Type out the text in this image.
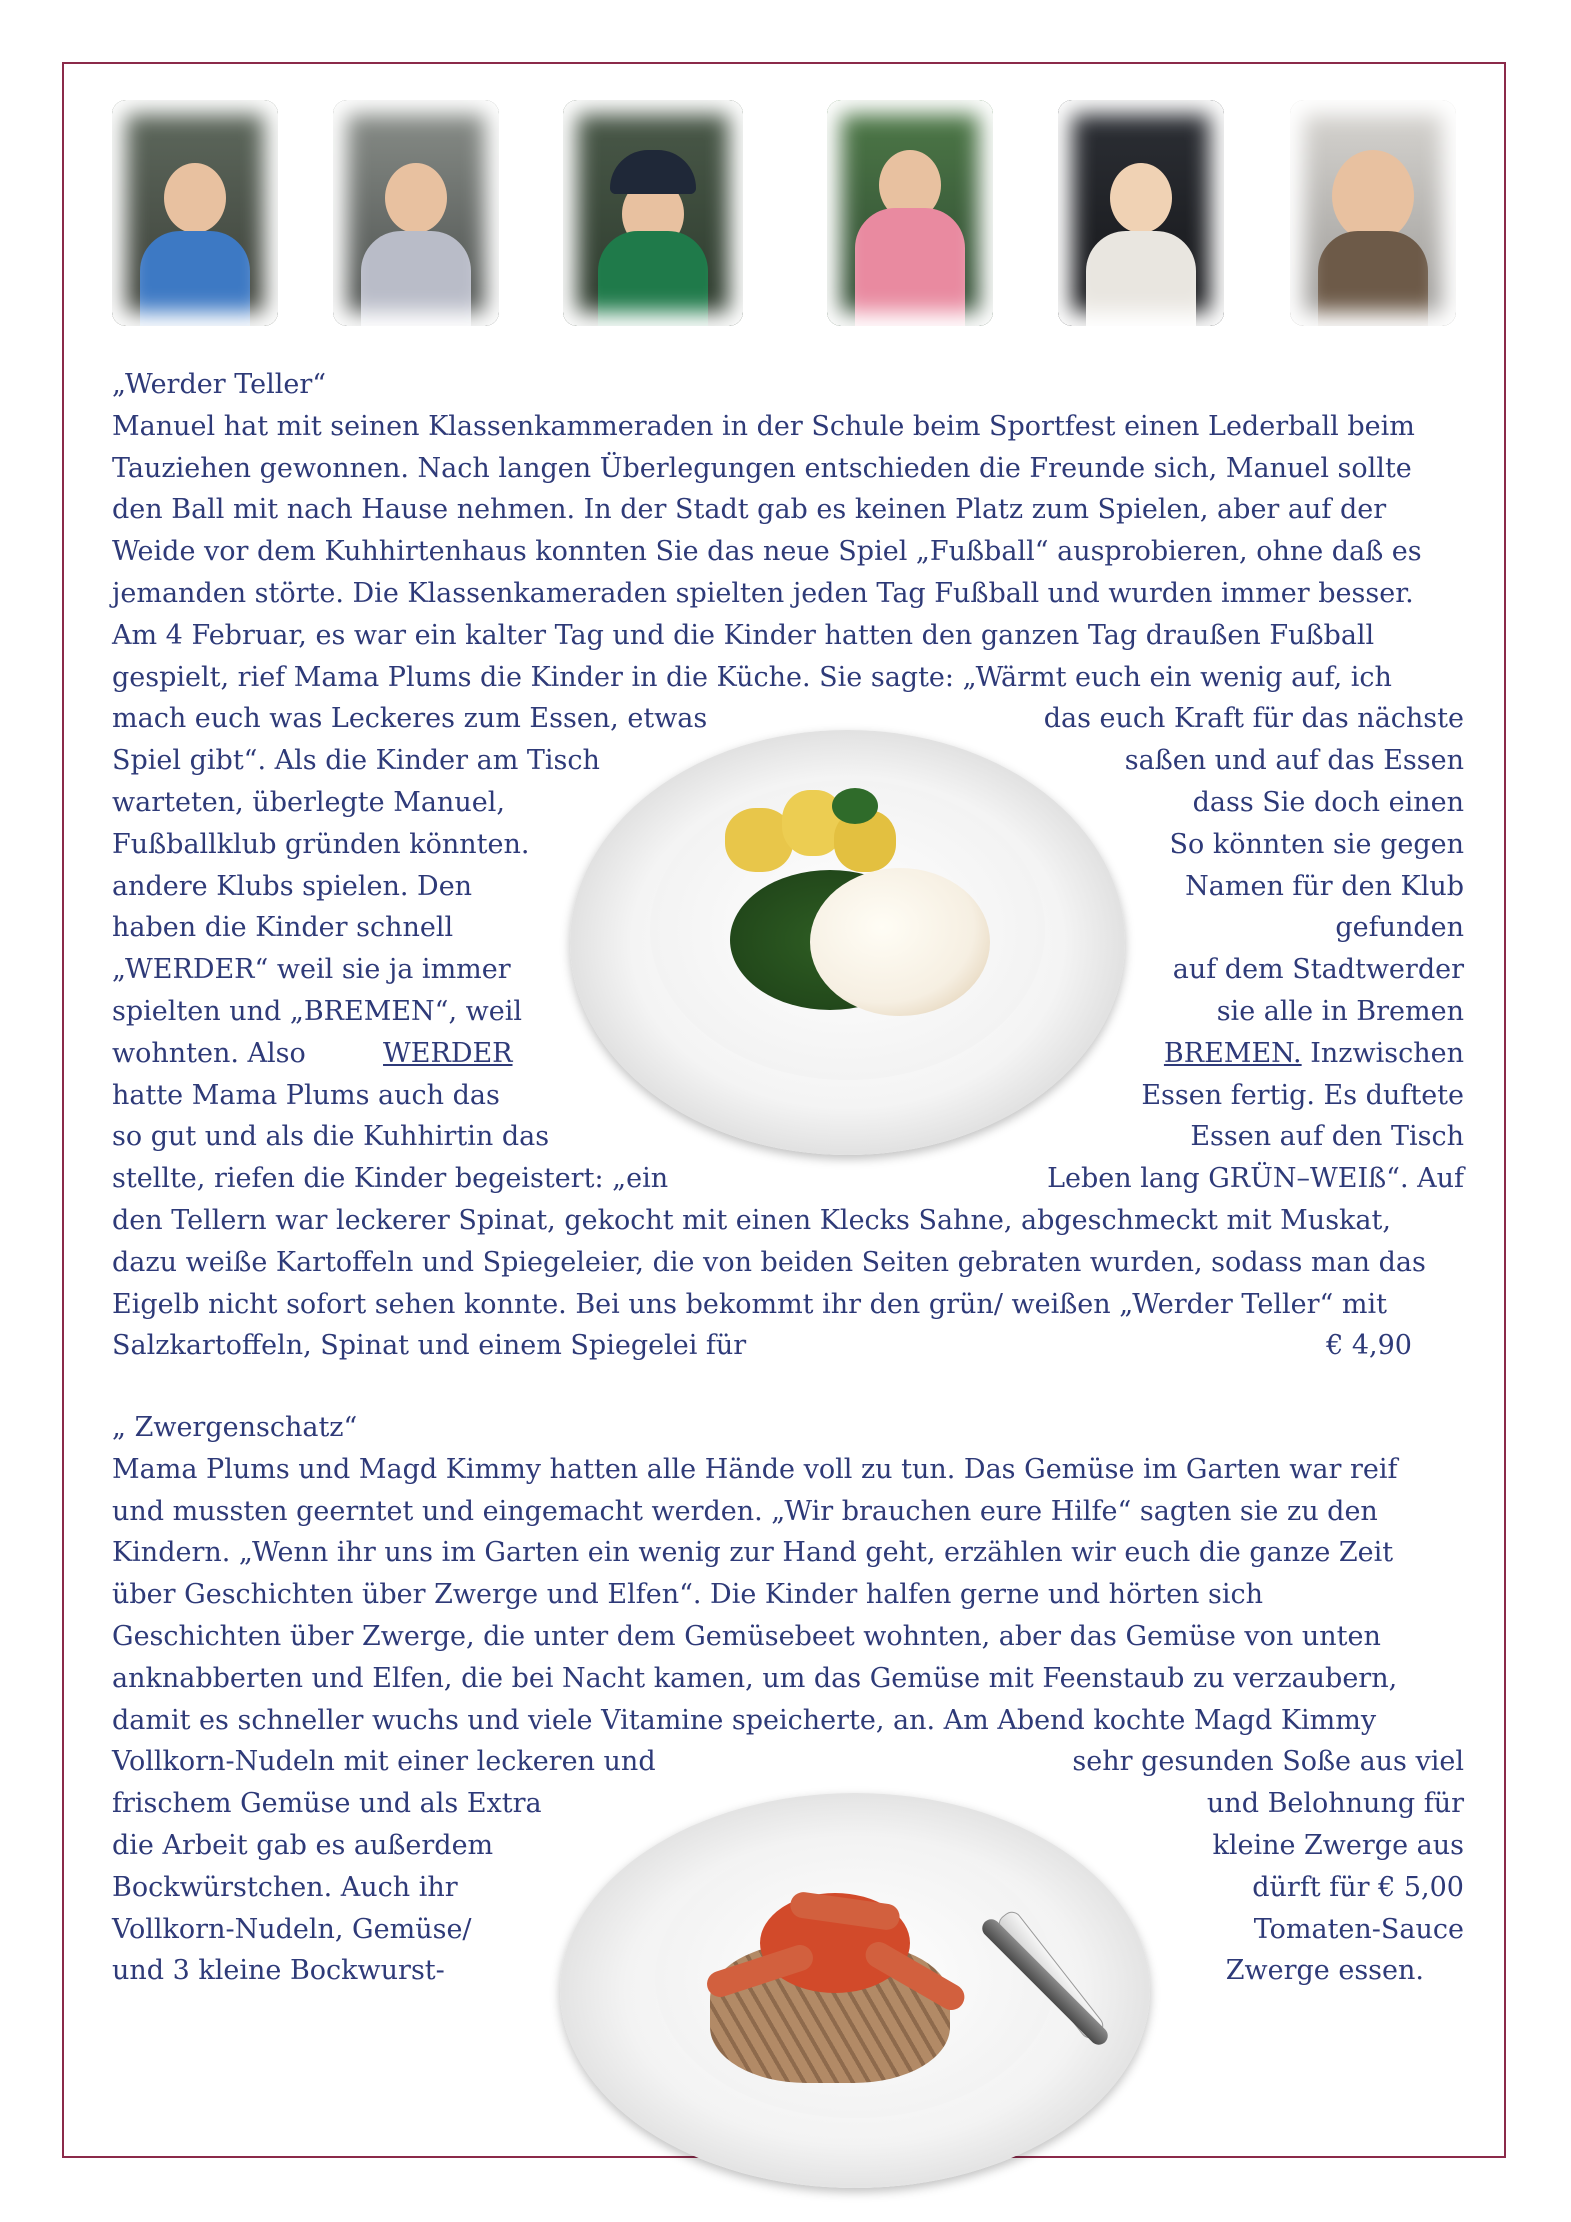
„Werder Teller“
Manuel hat mit seinen Klassenkammeraden in der Schule beim Sportfest einen Lederball beim
Tauziehen gewonnen. Nach langen Überlegungen entschieden die Freunde sich, Manuel sollte
den Ball mit nach Hause nehmen. In der Stadt gab es keinen Platz zum Spielen, aber auf der
Weide vor dem Kuhhirtenhaus konnten Sie das neue Spiel „Fußball“ ausprobieren, ohne daß es
jemanden störte. Die Klassenkameraden spielten jeden Tag Fußball und wurden immer besser.
Am 4 Februar, es war ein kalter Tag und die Kinder hatten den ganzen Tag draußen Fußball
gespielt, rief Mama Plums die Kinder in die Küche. Sie sagte: „Wärmt euch ein wenig auf, ich
mach euch was Leckeres zum Essen, etwas	das euch Kraft für das nächste
Spiel gibt“. Als die Kinder am Tisch	saßen und auf das Essen
warteten, überlegte Manuel,	dass Sie doch einen
Fußballklub gründen könnten.	So könnten sie gegen
andere Klubs spielen. Den	Namen für den Klub
haben die Kinder schnell	gefunden
„WERDER“ weil sie ja immer	auf dem Stadtwerder
spielten und „BREMEN“, weil	sie alle in Bremen
wohnten. Also	WERDER	BREMEN. Inzwischen
hatte Mama Plums auch das	Essen fertig. Es duftete
so gut und als die Kuhhirtin das	Essen auf den Tisch
stellte, riefen die Kinder begeistert: „ein	Leben lang GRÜN–WEIß“. Auf
den Tellern war leckerer Spinat, gekocht mit einen Klecks Sahne, abgeschmeckt mit Muskat,
dazu weiße Kartoffeln und Spiegeleier, die von beiden Seiten gebraten wurden, sodass man das
Eigelb nicht sofort sehen konnte. Bei uns bekommt ihr den grün/ weißen „Werder Teller“ mit
Salzkartoffeln, Spinat und einem Spiegelei für	€ 4,90
„ Zwergenschatz“
Mama Plums und Magd Kimmy hatten alle Hände voll zu tun. Das Gemüse im Garten war reif
und mussten geerntet und eingemacht werden. „Wir brauchen eure Hilfe“ sagten sie zu den
Kindern. „Wenn ihr uns im Garten ein wenig zur Hand geht, erzählen wir euch die ganze Zeit
über Geschichten über Zwerge und Elfen“. Die Kinder halfen gerne und hörten sich
Geschichten über Zwerge, die unter dem Gemüsebeet wohnten, aber das Gemüse von unten
anknabberten und Elfen, die bei Nacht kamen, um das Gemüse mit Feenstaub zu verzaubern,
damit es schneller wuchs und viele Vitamine speicherte, an. Am Abend kochte Magd Kimmy
Vollkorn-Nudeln mit einer leckeren und	sehr gesunden Soße aus viel
frischem Gemüse und als Extra	und Belohnung für
die Arbeit gab es außerdem	kleine Zwerge aus
Bockwürstchen. Auch ihr	dürft für € 5,00
Vollkorn-Nudeln, Gemüse/	Tomaten-Sauce
und 3 kleine Bockwurst-	Zwerge essen.
